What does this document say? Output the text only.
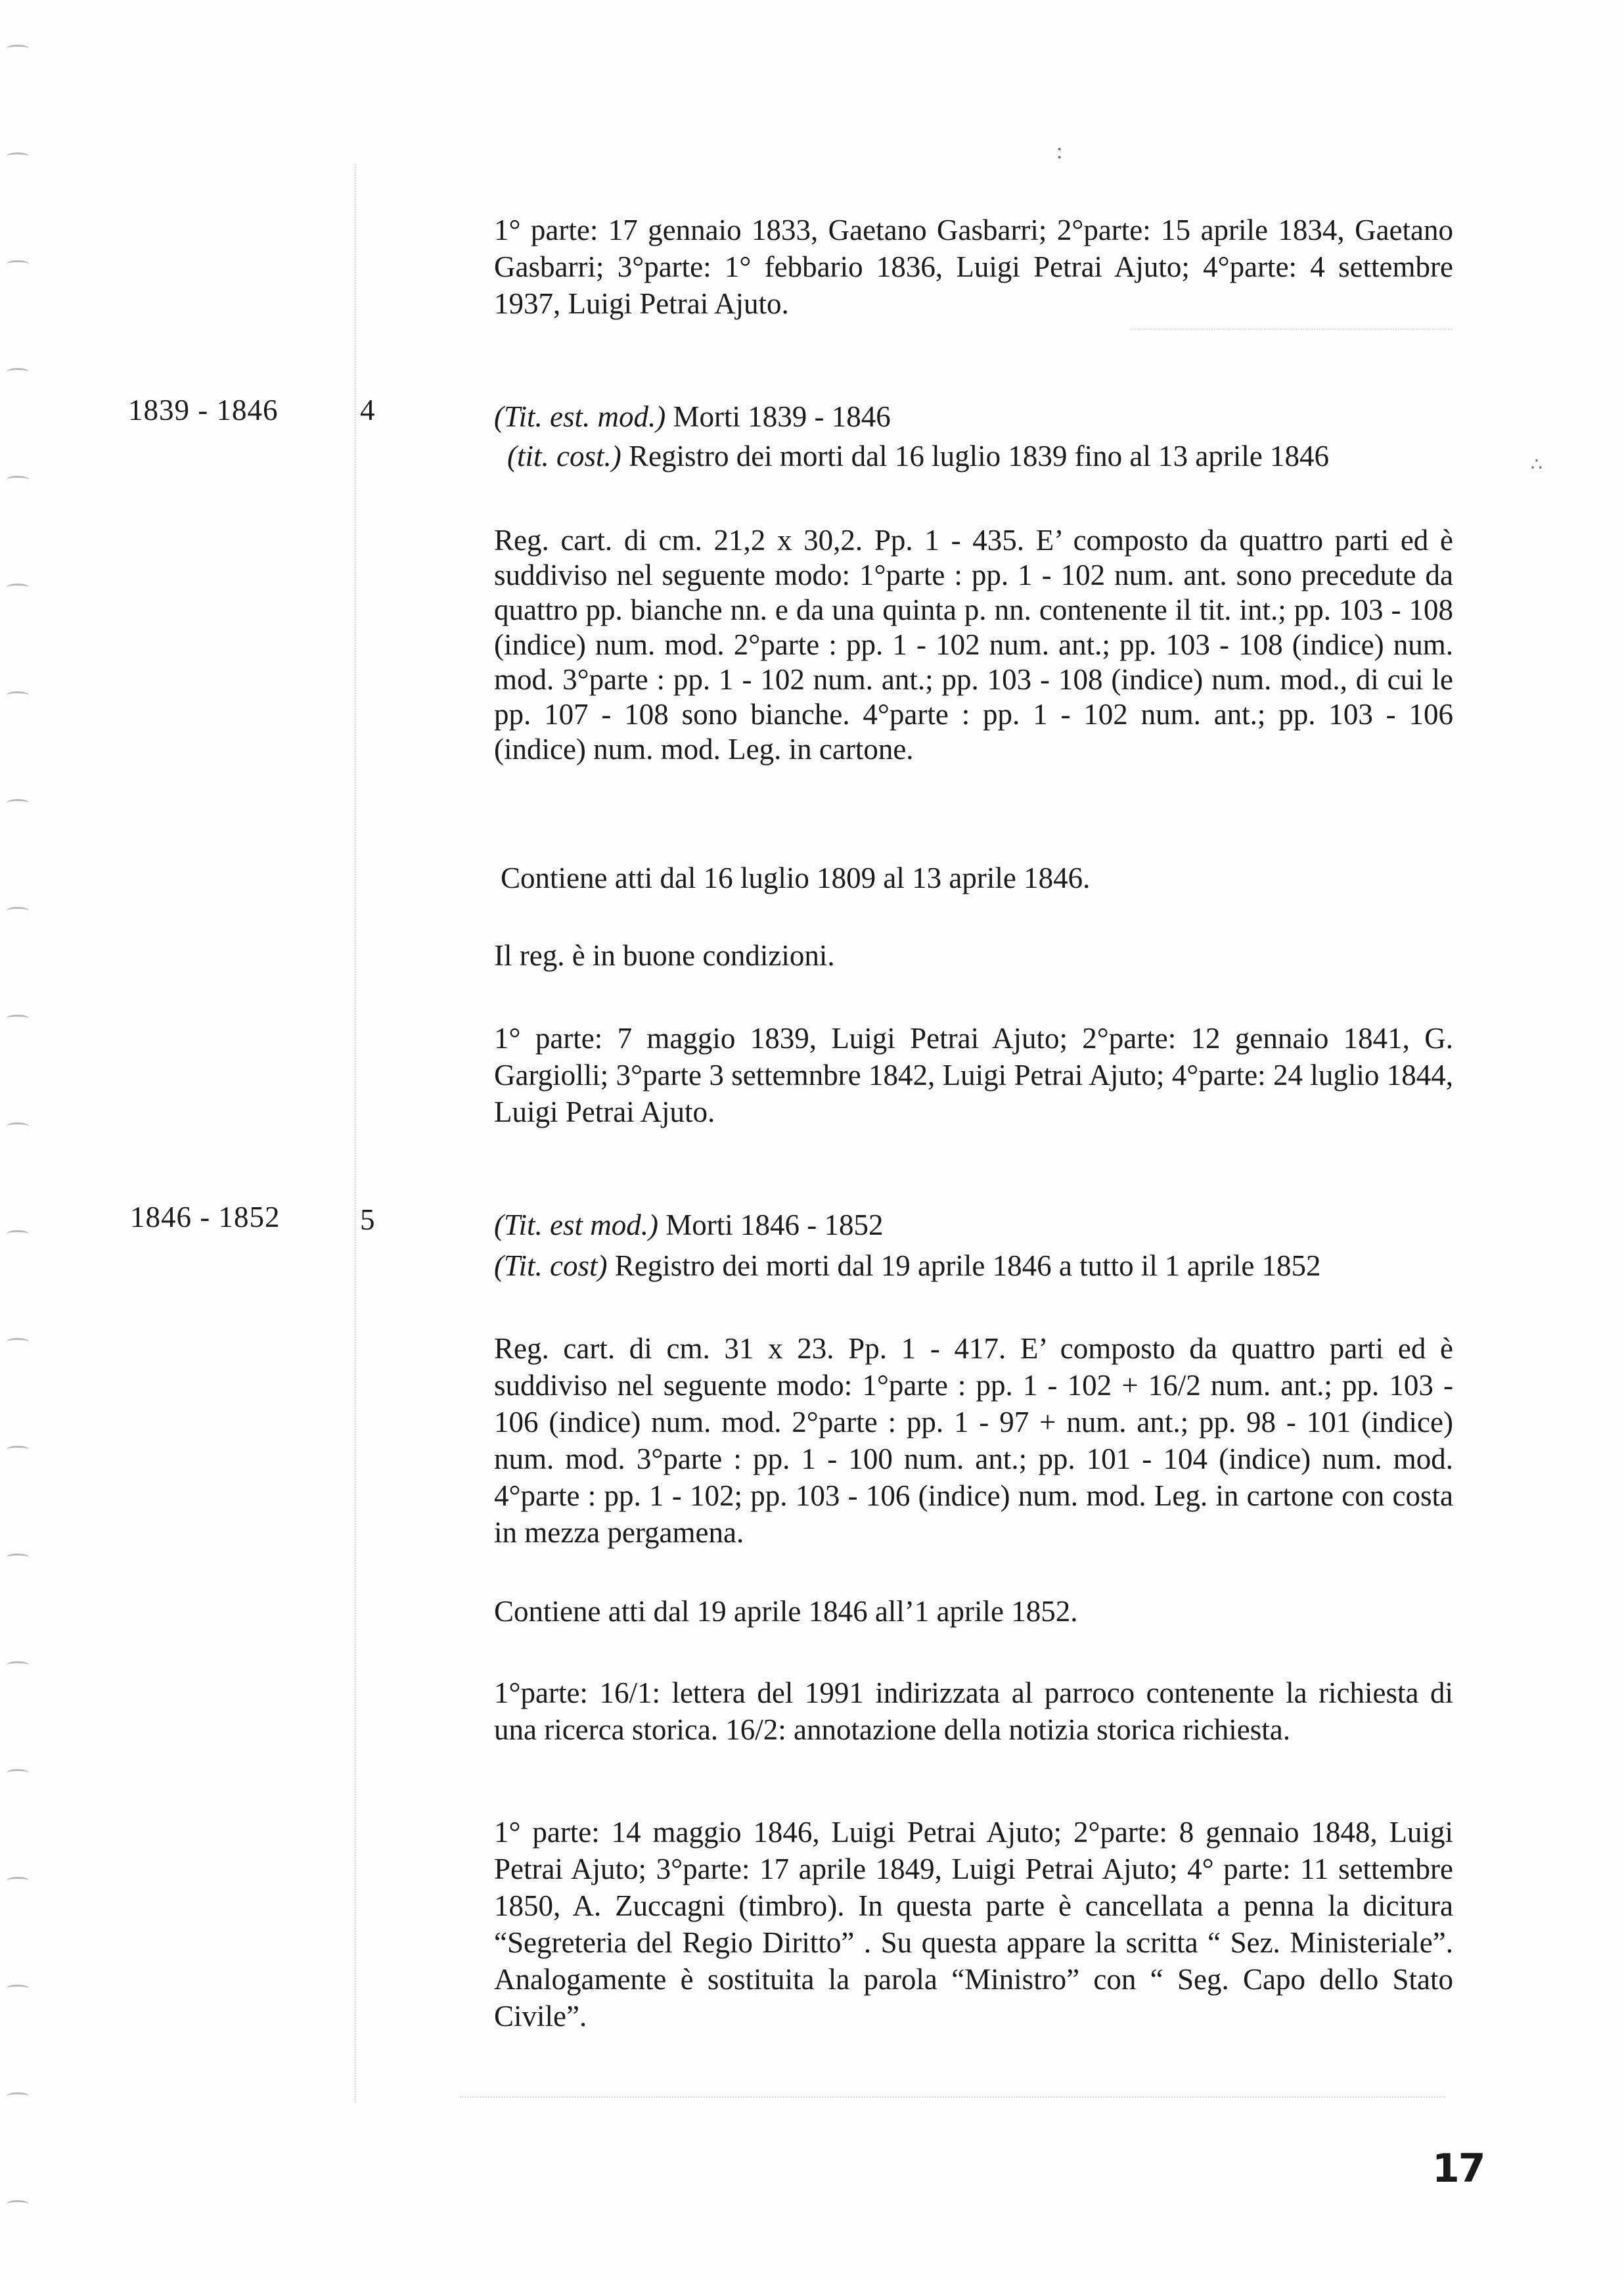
:
∴
1° parte: 17 gennaio 1833, Gaetano Gasbarri; 2°parte: 15 aprile 1834, Gaetano Gasbarri; 3°parte: 1° febbario 1836, Luigi Petrai Ajuto; 4°parte: 4 settembre 1937, Luigi Petrai Ajuto.
1839 - 1846	4	(Tit. est. mod.) Morti 1839 - 1846
(tit. cost.) Registro dei morti dal 16 luglio 1839 fino al 13 aprile 1846
Reg. cart. di cm. 21,2 x 30,2. Pp. 1 - 435. E’ composto da quattro parti ed è suddiviso nel seguente modo: 1°parte : pp. 1 - 102 num. ant. sono precedute da quattro pp. bianche nn. e da una quinta p. nn. contenente il tit. int.; pp. 103 - 108 (indice) num. mod. 2°parte : pp. 1 - 102 num. ant.; pp. 103 - 108 (indice) num. mod. 3°parte : pp. 1 - 102 num. ant.; pp. 103 - 108 (indice) num. mod., di cui le pp. 107 - 108 sono bianche. 4°parte : pp. 1 - 102 num. ant.; pp. 103 - 106 (indice) num. mod. Leg. in cartone.
Contiene atti dal 16 luglio 1809 al 13 aprile 1846.
Il reg. è in buone condizioni.
1° parte: 7 maggio 1839, Luigi Petrai Ajuto; 2°parte: 12 gennaio 1841, G. Gargiolli; 3°parte 3 settemnbre 1842, Luigi Petrai Ajuto; 4°parte: 24 luglio 1844, Luigi Petrai Ajuto.
1846 - 1852	5	(Tit. est mod.) Morti 1846 - 1852
(Tit. cost) Registro dei morti dal 19 aprile 1846 a tutto il 1 aprile 1852
Reg. cart. di cm. 31 x 23. Pp. 1 - 417. E’ composto da quattro parti ed è suddiviso nel seguente modo: 1°parte : pp. 1 - 102 + 16/2 num. ant.; pp. 103 - 106 (indice) num. mod. 2°parte : pp. 1 - 97 + num. ant.; pp. 98 - 101 (indice) num. mod. 3°parte : pp. 1 - 100 num. ant.; pp. 101 - 104 (indice) num. mod. 4°parte : pp. 1 - 102; pp. 103 - 106 (indice) num. mod. Leg. in cartone con costa in mezza pergamena.
Contiene atti dal 19 aprile 1846 all’1 aprile 1852.
1°parte: 16/1: lettera del 1991 indirizzata al parroco contenente la richiesta di una ricerca storica. 16/2: annotazione della notizia storica richiesta.
1° parte: 14 maggio 1846, Luigi Petrai Ajuto; 2°parte: 8 gennaio 1848, Luigi Petrai Ajuto; 3°parte: 17 aprile 1849, Luigi Petrai Ajuto; 4° parte: 11 settembre 1850, A. Zuccagni (timbro). In questa parte è cancellata a penna la dicitura “Segreteria del Regio Diritto” . Su questa appare la scritta “ Sez. Ministeriale”. Analogamente è sostituita la parola “Ministro” con “ Seg. Capo dello Stato Civile”.
17
